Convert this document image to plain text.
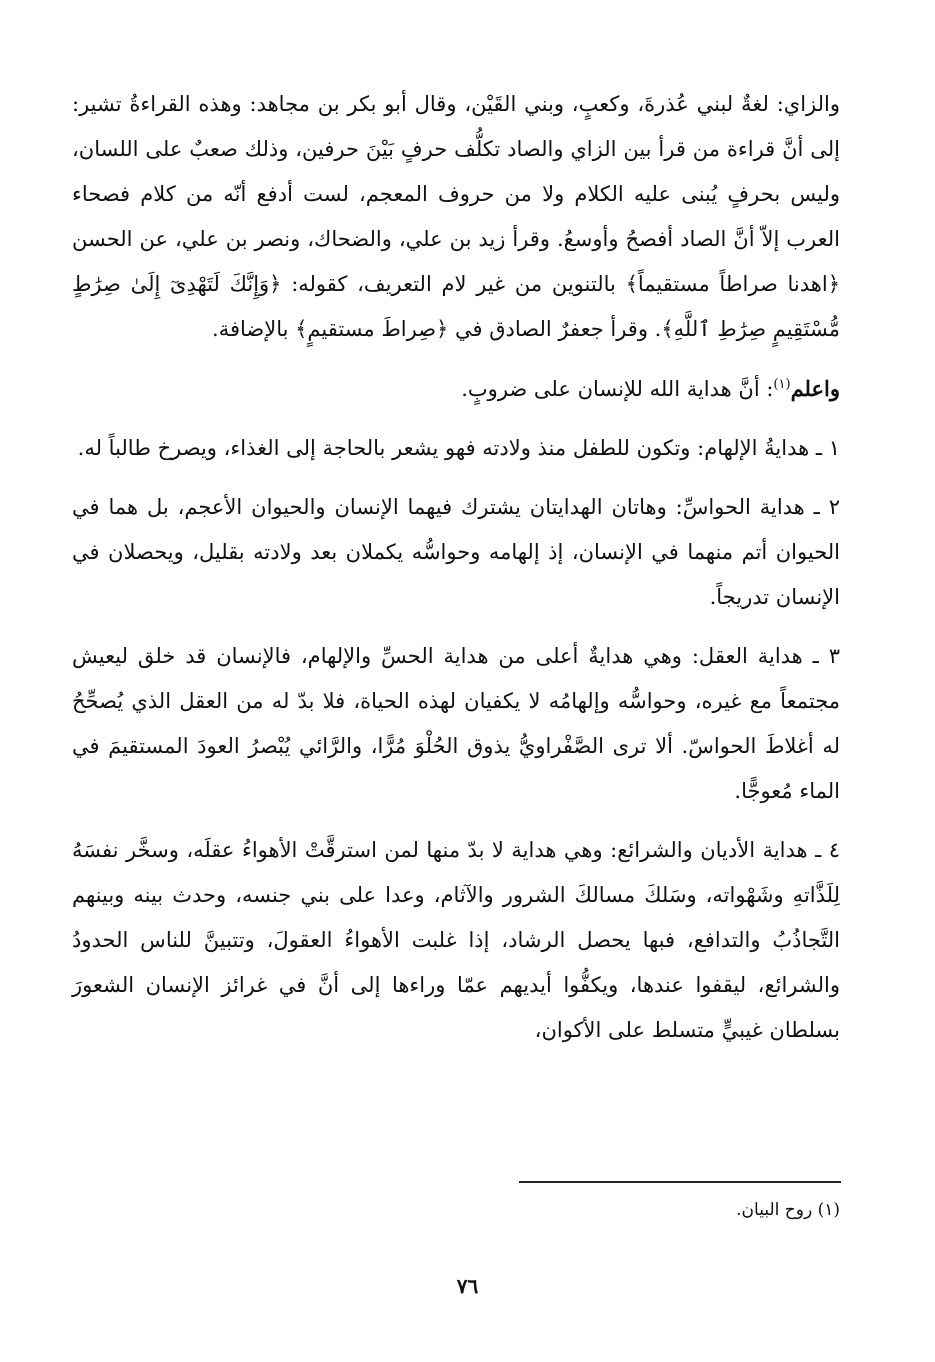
والزاي: لغةٌ لبني عُذرةَ، وكعبٍ، وبني القَيْن، وقال أبو بكر بن مجاهد: وهذه القراءةُ تشير: إلى أنَّ قراءة من قرأ بين الزاي والصاد تكلُّف حرفٍ بَيْنَ حرفين، وذلك صعبٌ على اللسان، وليس بحرفٍ يُبنى عليه الكلام ولا من حروف المعجم، لست أدفع أنّه من كلام فصحاء العرب إلاّ أنَّ الصاد أفصحُ وأوسعُ. وقرأ زيد بن علي، والضحاك، ونصر بن علي، عن الحسن ﴿اهدنا صراطاً مستقيماً﴾ بالتنوين من غير لام التعريف، كقوله: ﴿وَإِنَّكَ لَتَهْدِىٓ إِلَىٰ صِرَٰطٍ مُّسْتَقِيمٍ صِرَٰطِ ٱللَّهِ﴾. وقرأ جعفرٌ الصادق في ﴿صِراطَ مستقيمٍ﴾ بالإضافة.

واعلم$^{(١)}$: أنَّ هداية الله للإنسان على ضروبٍ.

١ ـ هدايةُ الإلهام: وتكون للطفل منذ ولادته فهو يشعر بالحاجة إلى الغذاء، ويصرخ طالباً له.

٢ ـ هداية الحواسِّ: وهاتان الهدايتان يشترك فيهما الإنسان والحيوان الأعجم، بل هما في الحيوان أتم منهما في الإنسان، إذ إلهامه وحواسُّه يكملان بعد ولادته بقليل، ويحصلان في الإنسان تدريجاً.

٣ ـ هداية العقل: وهي هدايةٌ أعلى من هداية الحسِّ والإلهام، فالإنسان قد خلق ليعيش مجتمعاً مع غيره، وحواسُّه وإلهامُه لا يكفيان لهذه الحياة، فلا بدّ له من العقل الذي يُصحِّحُ له أغلاطَ الحواسّ. ألا ترى الصَّفْراويُّ يذوق الحُلْوَ مُرًّا، والرَّائي يُبْصرُ العودَ المستقيمَ في الماء مُعوجًّا.

٤ ـ هداية الأديان والشرائع: وهي هداية لا بدّ منها لمن استرقَّتْ الأهواءُ عقلَه، وسخَّر نفسَهُ لِلَذَّاتهِ وشَهْواته، وسَلكَ مسالكَ الشرور والآثام، وعدا على بني جنسه، وحدث بينه وبينهم التَّجاذُبُ والتدافع، فبها يحصل الرشاد، إذا غلبت الأهواءُ العقولَ، وتتبينَّ للناس الحدودُ والشرائع، ليقفوا عندها، ويكفُّوا أيديهم عمّا وراءها إلى أنَّ في غرائز الإنسان الشعورَ بسلطان غيبيٍّ متسلط على الأكوان،

(١) روح البيان.
٧٦
